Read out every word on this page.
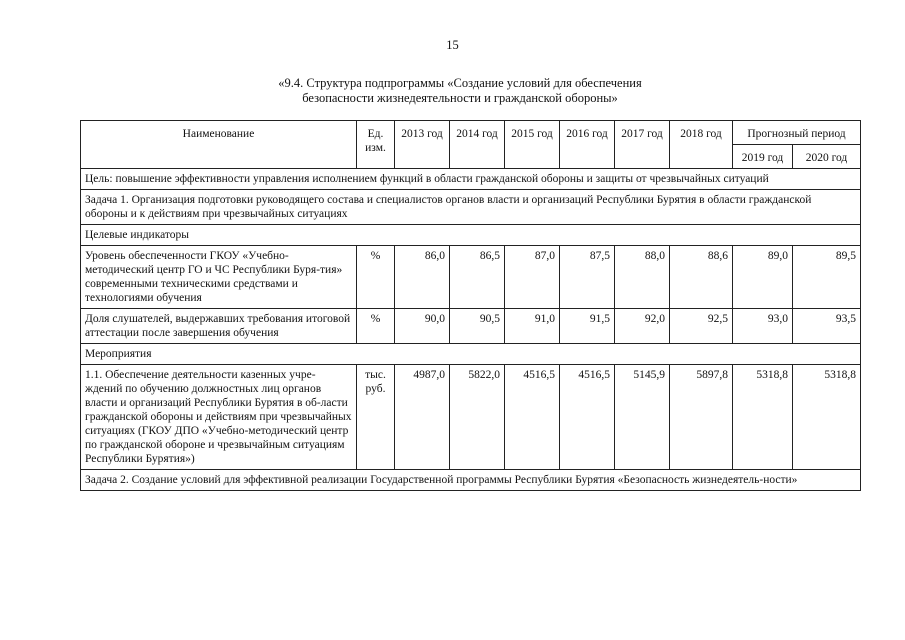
15
«9.4. Структура подпрограммы «Создание условий для обеспечения
безопасности жизнедеятельности и гражданской обороны»
Наименование	Ед. изм.	2013 год	2014 год	2015 год	2016 год	2017 год	2018 год	Прогнозный период	
								2019 год	2020 год
Цель: повышение эффективности управления исполнением функций в области гражданской обороны и защиты от чрезвычайных ситуаций									
Задача 1. Организация подготовки руководящего состава и специалистов органов власти и организаций Республики Бурятия в области гражданской обороны и к действиям при чрезвычайных ситуациях									
Целевые индикаторы									
Уровень обеспеченности ГКОУ «Учебно-методический центр ГО и ЧС Республики Буря-тия» современными техническими средствами и технологиями обучения	%	86,0	86,5	87,0	87,5	88,0	88,6	89,0	89,5
Доля слушателей, выдержавших требования итоговой аттестации после завершения обучения	%	90,0	90,5	91,0	91,5	92,0	92,5	93,0	93,5
Мероприятия									
1.1. Обеспечение деятельности казенных учре-ждений по обучению должностных лиц органов власти и организаций Республики Бурятия в об-ласти гражданской обороны и действиям при чрезвычайных ситуациях (ГКОУ ДПО «Учебно-методический центр по гражданской обороне и чрезвычайным ситуациям Республики Бурятия»)	тыс. руб.	4987,0	5822,0	4516,5	4516,5	5145,9	5897,8	5318,8	5318,8
Задача 2. Создание условий для эффективной реализации Государственной программы Республики Бурятия «Безопасность жизнедеятель-ности»									
